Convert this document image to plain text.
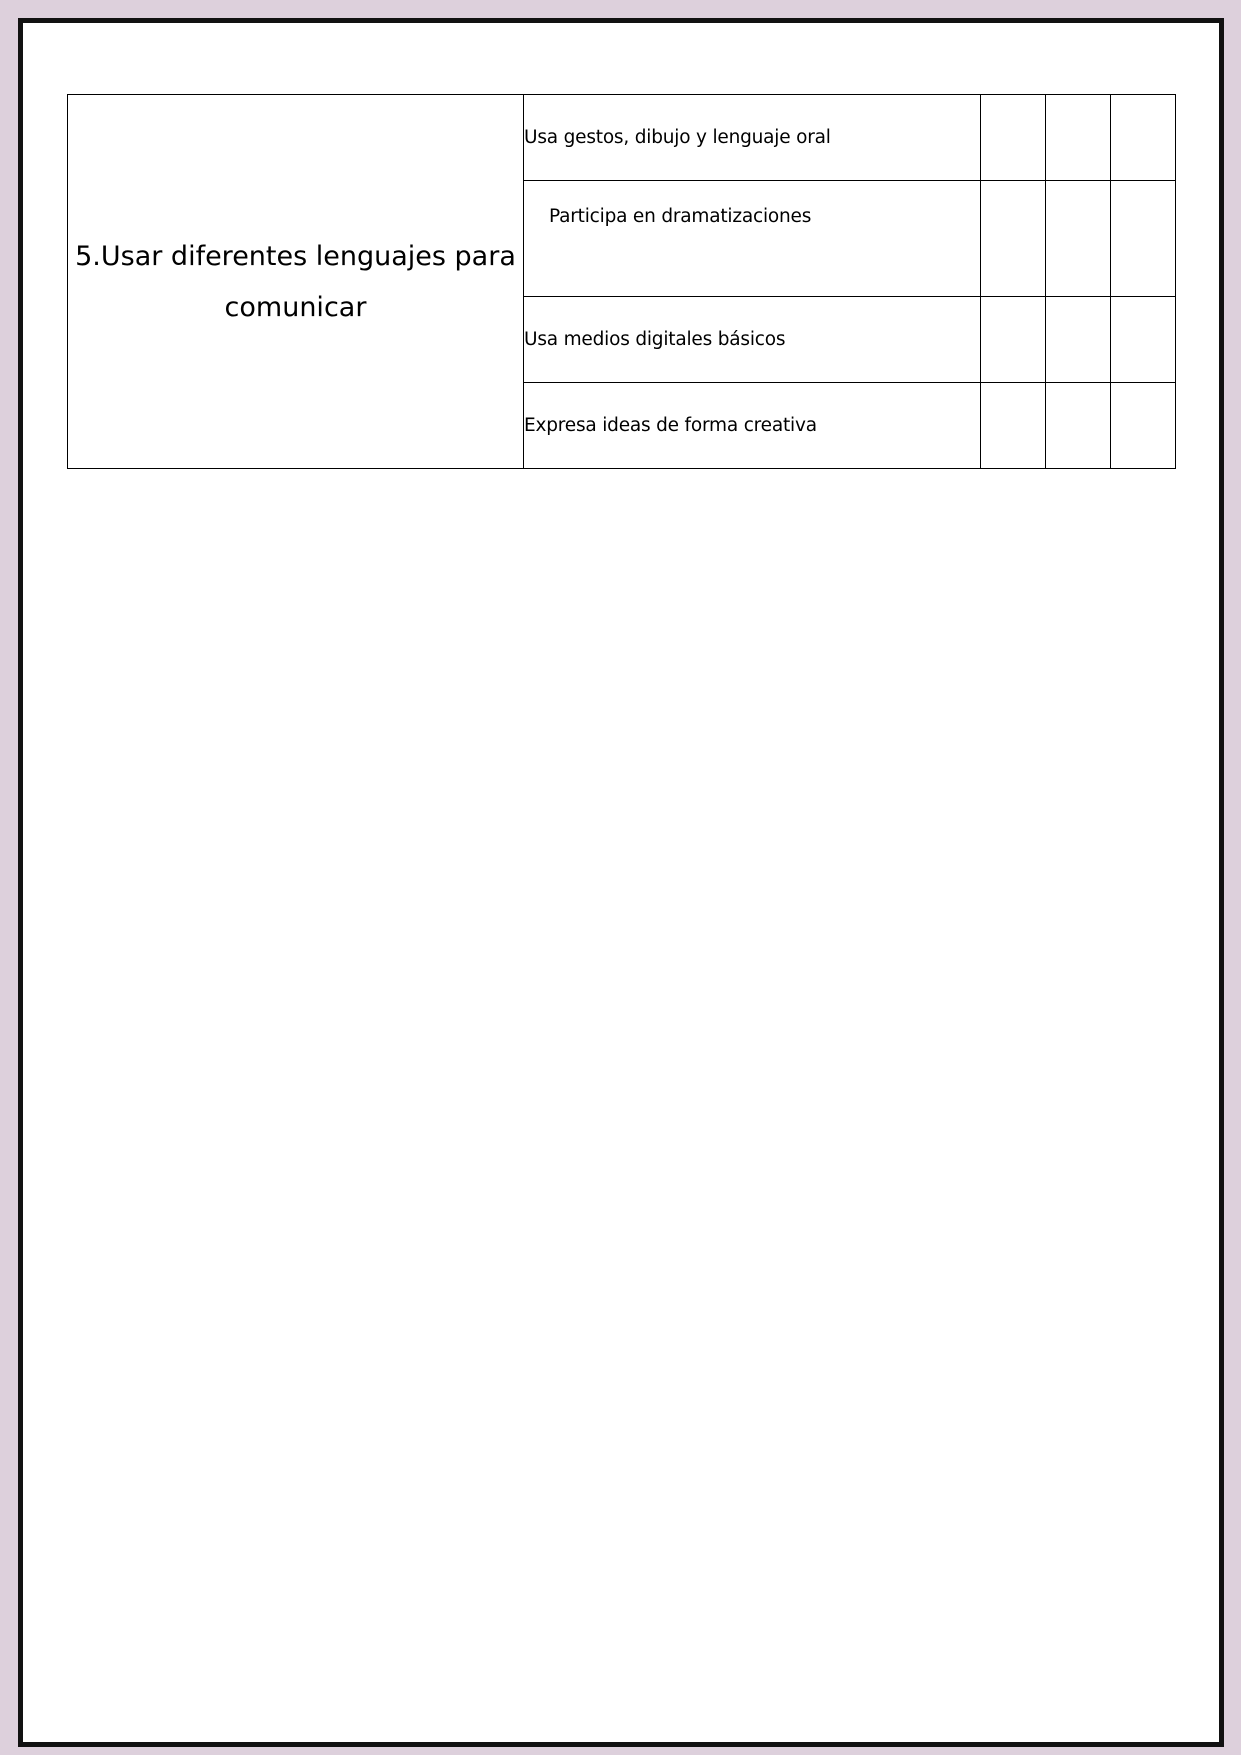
5.Usar diferentes lenguajes para comunicar	Usa gestos, dibujo y lenguaje oral			
	Participa en dramatizaciones			
	Usa medios digitales básicos			
	Expresa ideas de forma creativa			
